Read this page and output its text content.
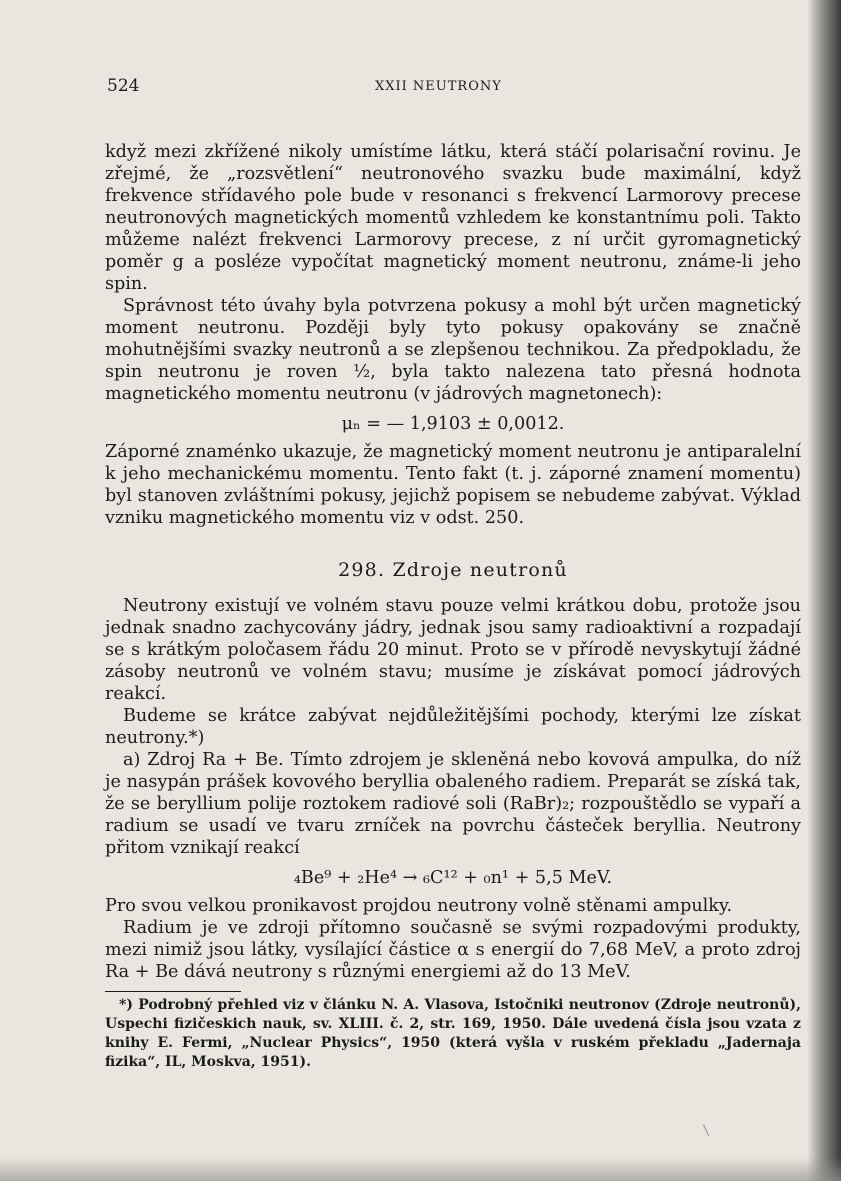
524	XXII NEUTRONY

když mezi zkřížené nikoly umístíme látku, která stáčí polarisační rovinu. Je zřejmé, že „rozsvětlení“ neutronového svazku bude maximální, když frekvence střídavého pole bude v resonanci s frekvencí Larmorovy precese neutronových magnetických momentů vzhledem ke konstantnímu poli. Takto můžeme nalézt frekvenci Larmorovy precese, z ní určit gyromagnetický poměr g a posléze vypočítat magnetický moment neutronu, známe-li jeho spin.

Správnost této úvahy byla potvrzena pokusy a mohl být určen magnetický moment neutronu. Později byly tyto pokusy opakovány se značně mohutnějšími svazky neutronů a se zlepšenou technikou. Za předpokladu, že spin neutronu je roven ½, byla takto nalezena tato přesná hodnota magnetického momentu neutronu (v jádrových magnetonech):

μₙ = — 1,9103 ± 0,0012.

Záporné znaménko ukazuje, že magnetický moment neutronu je antiparalelní k jeho mechanickému momentu. Tento fakt (t. j. záporné znamení momentu) byl stanoven zvláštními pokusy, jejichž popisem se nebudeme zabývat. Výklad vzniku magnetického momentu viz v odst. 250.

298. Zdroje neutronů

Neutrony existují ve volném stavu pouze velmi krátkou dobu, protože jsou jednak snadno zachycovány jádry, jednak jsou samy radioaktivní a rozpadají se s krátkým poločasem řádu 20 minut. Proto se v přírodě nevyskytují žádné zásoby neutronů ve volném stavu; musíme je získávat pomocí jádrových reakcí.

Budeme se krátce zabývat nejdůležitějšími pochody, kterými lze získat neutrony.*)

a) Zdroj Ra + Be. Tímto zdrojem je skleněná nebo kovová ampulka, do níž je nasypán prášek kovového beryllia obaleného radiem. Preparát se získá tak, že se beryllium polije roztokem radiové soli (RaBr)₂; rozpouštědlo se vypaří a radium se usadí ve tvaru zrníček na povrchu částeček beryllia. Neutrony přitom vznikají reakcí

₄Be⁹ + ₂He⁴ → ₆C¹² + ₀n¹ + 5,5 MeV.

Pro svou velkou pronikavost projdou neutrony volně stěnami ampulky.

Radium je ve zdroji přítomno současně se svými rozpadovými produkty, mezi nimiž jsou látky, vysílající částice α s energií do 7,68 MeV, a proto zdroj Ra + Be dává neutrony s různými energiemi až do 13 MeV.

*) Podrobný přehled viz v článku N. A. Vlasova, Istočniki neutronov (Zdroje neutronů), Uspechi fizičeskich nauk, sv. XLIII. č. 2, str. 169, 1950. Dále uvedená čísla jsou vzata z knihy E. Fermi, „Nuclear Physics“, 1950 (která vyšla v ruském překladu „Jadernaja fizika“, IL, Moskva, 1951).
